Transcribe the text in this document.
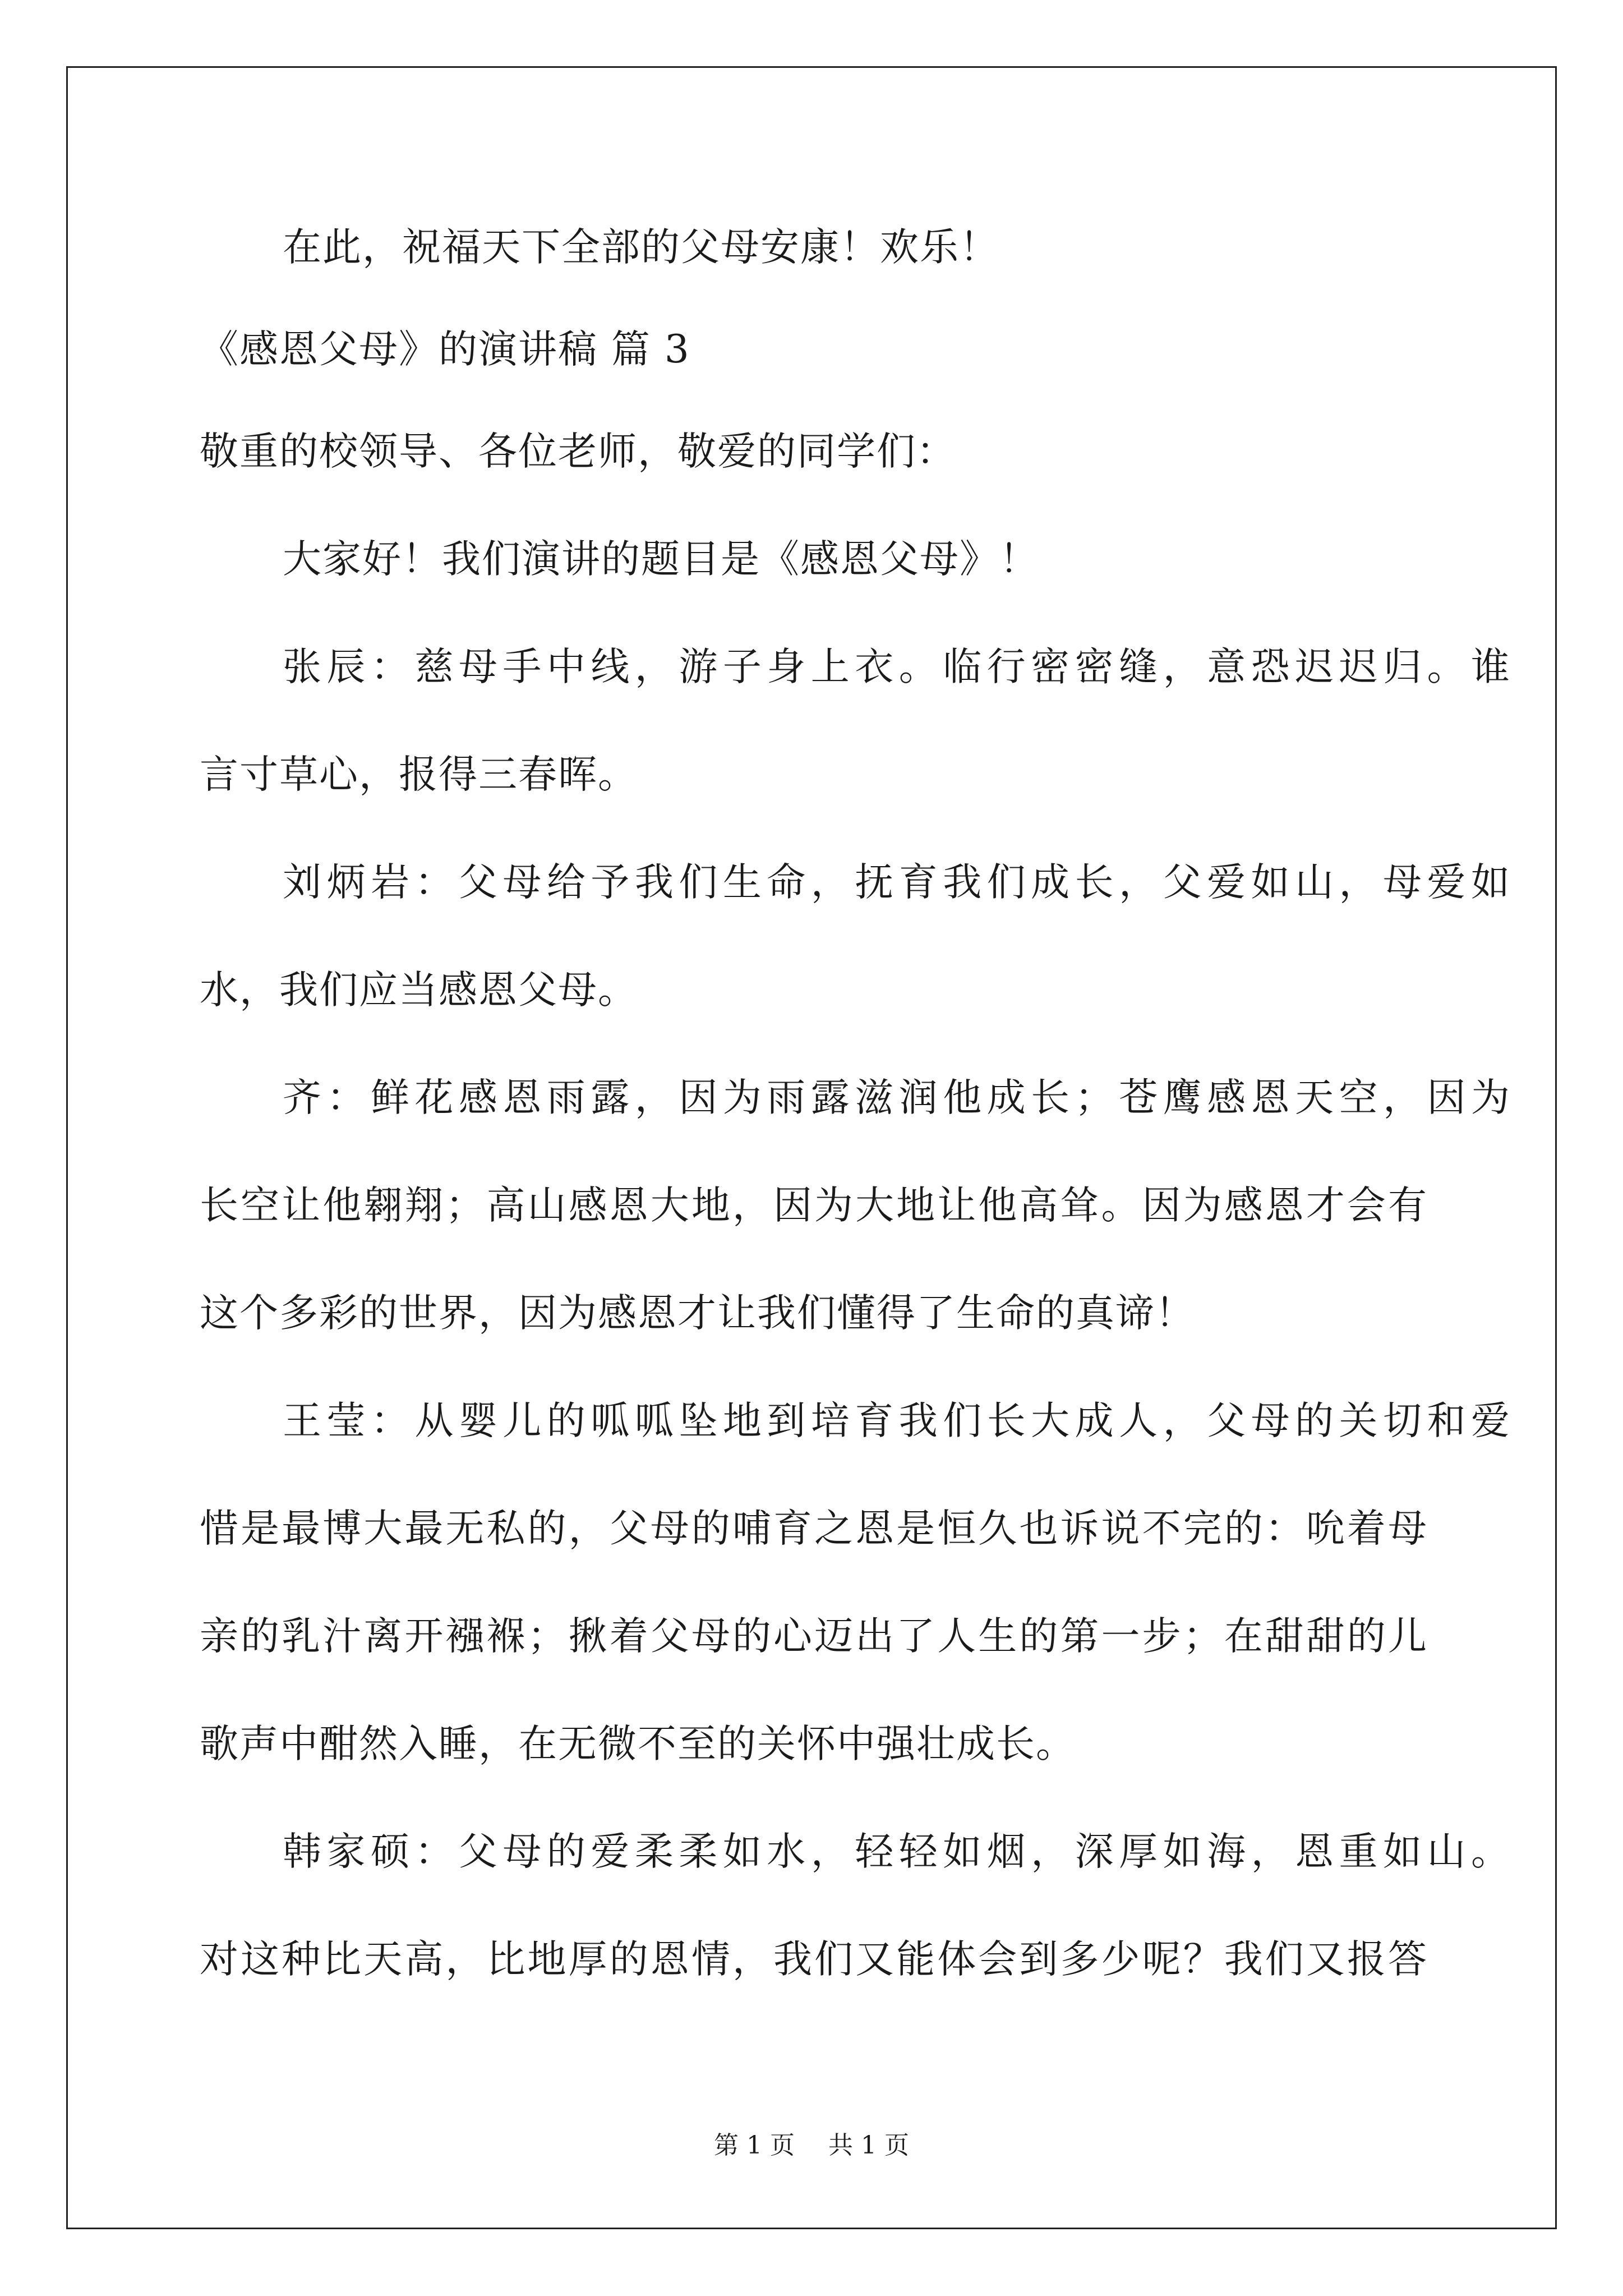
在此，祝福天下全部的父母安康！欢乐！
《感恩父母》的演讲稿 篇 3
敬重的校领导、各位老师，敬爱的同学们：
大家好！我们演讲的题目是《感恩父母》！
张辰：慈母手中线，游子身上衣。临行密密缝，意恐迟迟归。谁
言寸草心，报得三春晖。
刘炳岩：父母给予我们生命，抚育我们成长，父爱如山，母爱如
水，我们应当感恩父母。
齐：鲜花感恩雨露，因为雨露滋润他成长；苍鹰感恩天空，因为
长空让他翱翔；高山感恩大地，因为大地让他高耸。因为感恩才会有
这个多彩的世界，因为感恩才让我们懂得了生命的真谛！
王莹：从婴儿的呱呱坠地到培育我们长大成人，父母的关切和爱
惜是最博大最无私的，父母的哺育之恩是恒久也诉说不完的：吮着母
亲的乳汁离开襁褓；揪着父母的心迈出了人生的第一步；在甜甜的儿
歌声中酣然入睡，在无微不至的关怀中强壮成长。
韩家硕：父母的爱柔柔如水，轻轻如烟，深厚如海，恩重如山。
对这种比天高，比地厚的恩情，我们又能体会到多少呢？我们又报答
第 1 页 共 1 页
